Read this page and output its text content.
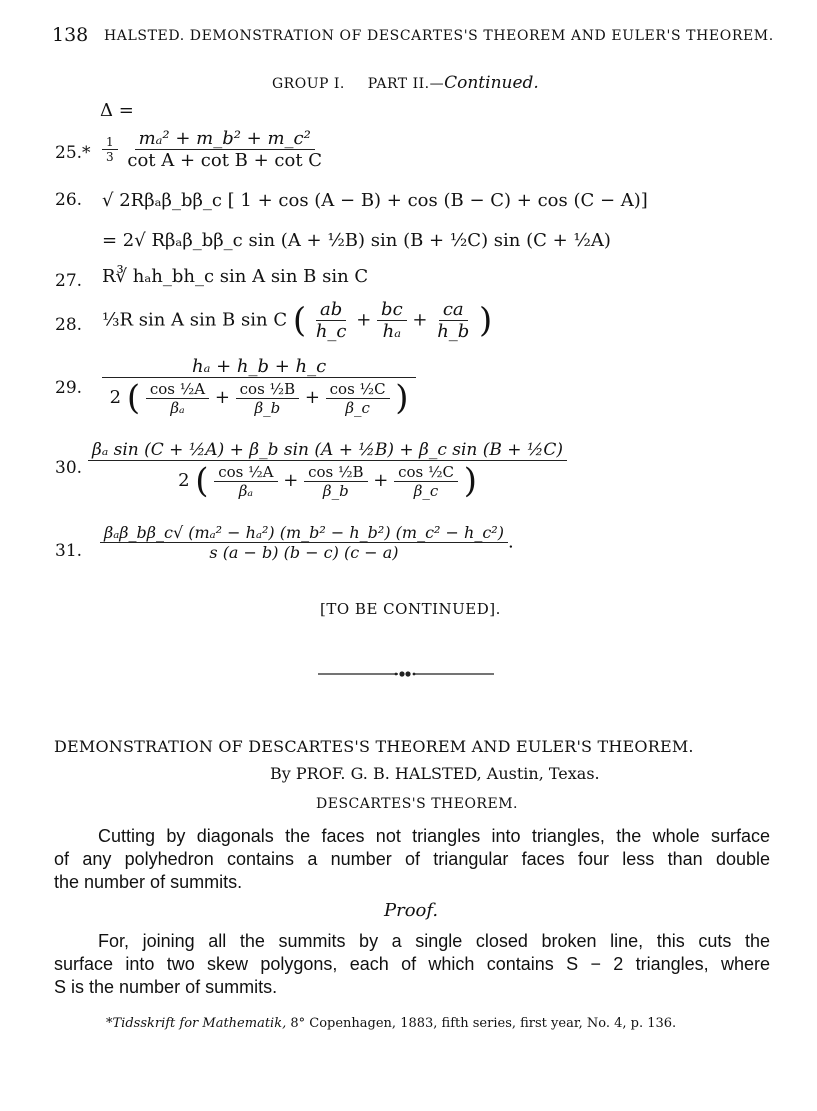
138 HALSTED. DEMONSTRATION OF DESCARTES'S THEOREM AND EULER'S THEOREM.
GROUP I. PART II.—Continued.
Δ =
$25.* \frac{1}{3}$
$\frac{\text{mₐ² + m\_b² + m\_c²}}{\text{cot A + cot B + cot C}}$
26. √ 2Rβₐβ_bβ_c [ 1 + cos (A − B) + cos (B − C) + cos (C − A)]
= 2√ Rβₐβ_bβ_c sin (A + ½B) sin (B + ½C) sin (C + ½A)
27. R∛ hₐh_bh_c sin A sin B sin C
28. ⅓R sin A sin B sin C ( $\frac{ab}{h\_c} + \frac{bc}{\text{hₐ}} + \frac{ca}{h\_b}$ )
29.
hₐ + h_b + h_c
2 ( $\frac{\text{cos ½A}}{\text{βₐ}} + \frac{\text{cos ½B}}{\beta\_b} + \frac{\text{cos ½C}}{\beta\_c}$ )
30.
βₐ sin (C + ½A) + β_b sin (A + ½B) + β_c sin (B + ½C)
2 ( $\frac{\text{cos ½A}}{\text{βₐ}} + \frac{\text{cos ½B}}{\beta\_b} + \frac{\text{cos ½C}}{\beta\_c}$ )
31. $\frac{\text{βₐβ\_bβ\_c√ (mₐ² − hₐ²) (m\_b² − h\_b²) (m\_c² − h\_c²)}}{s (a - b) (b - c) (c - a)}$ .
[TO BE CONTINUED].
DEMONSTRATION OF DESCARTES'S THEOREM AND EULER'S THEOREM.
By PROF. G. B. HALSTED, Austin, Texas.
DESCARTES'S THEOREM.
Cutting by diagonals the faces not triangles into triangles, the whole surface
of any polyhedron contains a number of triangular faces four less than double
the number of summits.
Proof.
For, joining all the summits by a single closed broken line, this cuts the
surface into two skew polygons, each of which contains S − 2 triangles, where
S is the number of summits.
*Tidsskrift for Mathematik, 8° Copenhagen, 1883, fifth series, first year, No. 4, p. 136.
